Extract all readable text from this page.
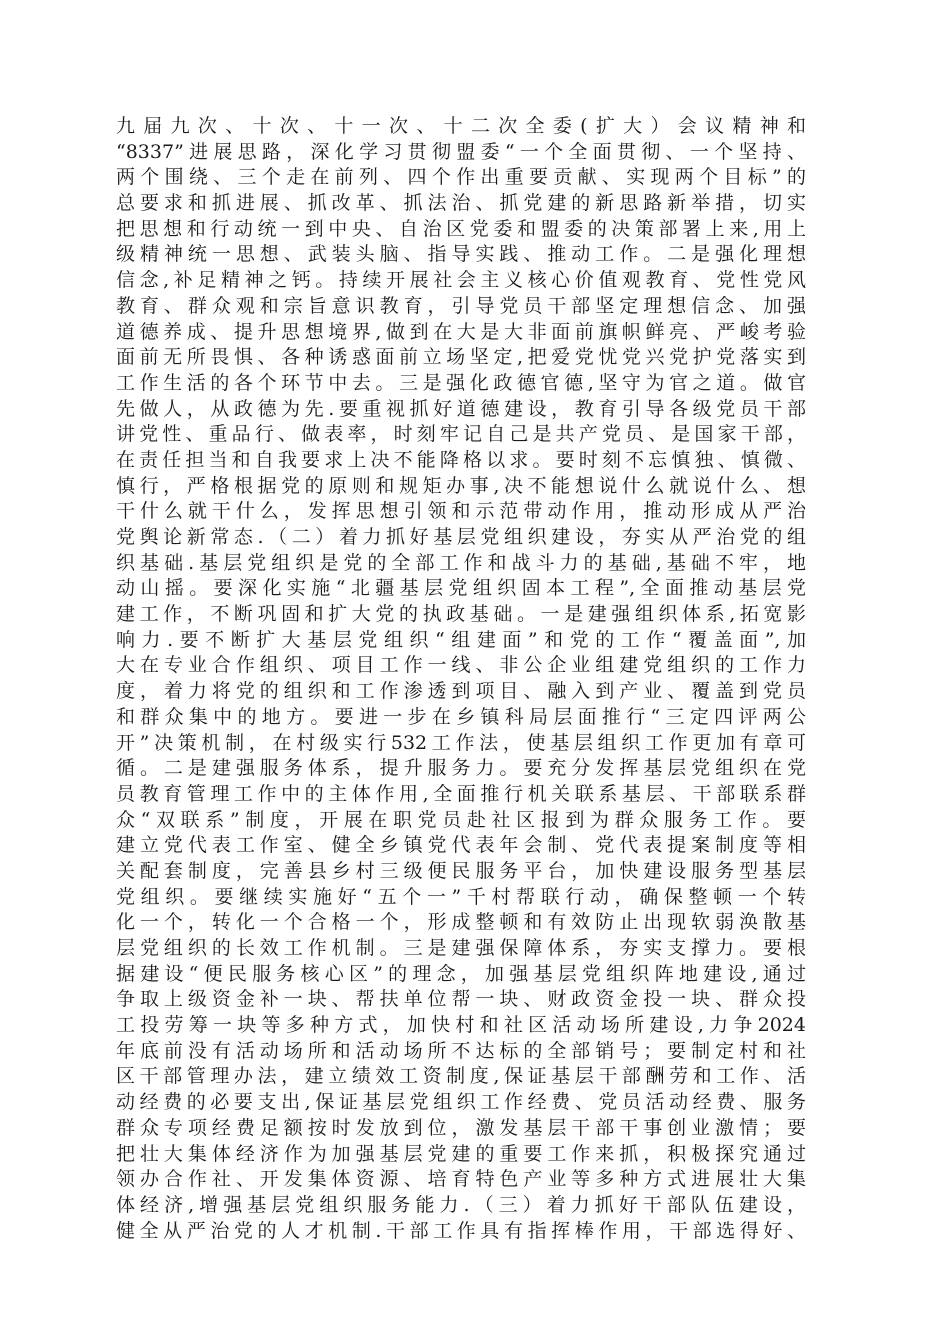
九届九次、十次、十一次、十二次全委(扩大）会议精神和
“8337”进展思路，深化学习贯彻盟委“一个全面贯彻、一个坚持、
两个围绕、三个走在前列、四个作出重要贡献、实现两个目标”的
总要求和抓进展、抓改革、抓法治、抓党建的新思路新举措，切实
把思想和行动统一到中央、自治区党委和盟委的决策部署上来,用上
级精神统一思想、武装头脑、指导实践、推动工作。二是强化理想
信念,补足精神之钙。持续开展社会主义核心价值观教育、党性党风
教育、群众观和宗旨意识教育，引导党员干部坚定理想信念、加强
道德养成、提升思想境界,做到在大是大非面前旗帜鲜亮、严峻考验
面前无所畏惧、各种诱惑面前立场坚定,把爱党忧党兴党护党落实到
工作生活的各个环节中去。三是强化政德官德,坚守为官之道。做官
先做人，从政德为先.要重视抓好道德建设，教育引导各级党员干部
讲党性、重品行、做表率，时刻牢记自己是共产党员、是国家干部，
在责任担当和自我要求上决不能降格以求。要时刻不忘慎独、慎微、
慎行，严格根据党的原则和规矩办事,决不能想说什么就说什么、想
干什么就干什么，发挥思想引领和示范带动作用，推动形成从严治
党舆论新常态.（二）着力抓好基层党组织建设，夯实从严治党的组
织基础.基层党组织是党的全部工作和战斗力的基础,基础不牢，地
动山摇。要深化实施“北疆基层党组织固本工程”,全面推动基层党
建工作，不断巩固和扩大党的执政基础。一是建强组织体系,拓宽影
响力.要不断扩大基层党组织“组建面”和党的工作“覆盖面”,加
大在专业合作组织、项目工作一线、非公企业组建党组织的工作力
度，着力将党的组织和工作渗透到项目、融入到产业、覆盖到党员
和群众集中的地方。要进一步在乡镇科局层面推行“三定四评两公
开”决策机制，在村级实行532工作法，使基层组织工作更加有章可
循。二是建强服务体系，提升服务力。要充分发挥基层党组织在党
员教育管理工作中的主体作用,全面推行机关联系基层、干部联系群
众“双联系”制度，开展在职党员赴社区报到为群众服务工作。要
建立党代表工作室、健全乡镇党代表年会制、党代表提案制度等相
关配套制度，完善县乡村三级便民服务平台，加快建设服务型基层
党组织。要继续实施好“五个一”千村帮联行动，确保整顿一个转
化一个，转化一个合格一个，形成整顿和有效防止出现软弱涣散基
层党组织的长效工作机制。三是建强保障体系，夯实支撑力。要根
据建设“便民服务核心区”的理念，加强基层党组织阵地建设,通过
争取上级资金补一块、帮扶单位帮一块、财政资金投一块、群众投
工投劳筹一块等多种方式，加快村和社区活动场所建设,力争2024
年底前没有活动场所和活动场所不达标的全部销号；要制定村和社
区干部管理办法，建立绩效工资制度,保证基层干部酬劳和工作、活
动经费的必要支出,保证基层党组织工作经费、党员活动经费、服务
群众专项经费足额按时发放到位，激发基层干部干事创业激情；要
把壮大集体经济作为加强基层党建的重要工作来抓，积极探究通过
领办合作社、开发集体资源、培育特色产业等多种方式进展壮大集
体经济,增强基层党组织服务能力.（三）着力抓好干部队伍建设，
健全从严治党的人才机制.干部工作具有指挥棒作用，干部选得好、
